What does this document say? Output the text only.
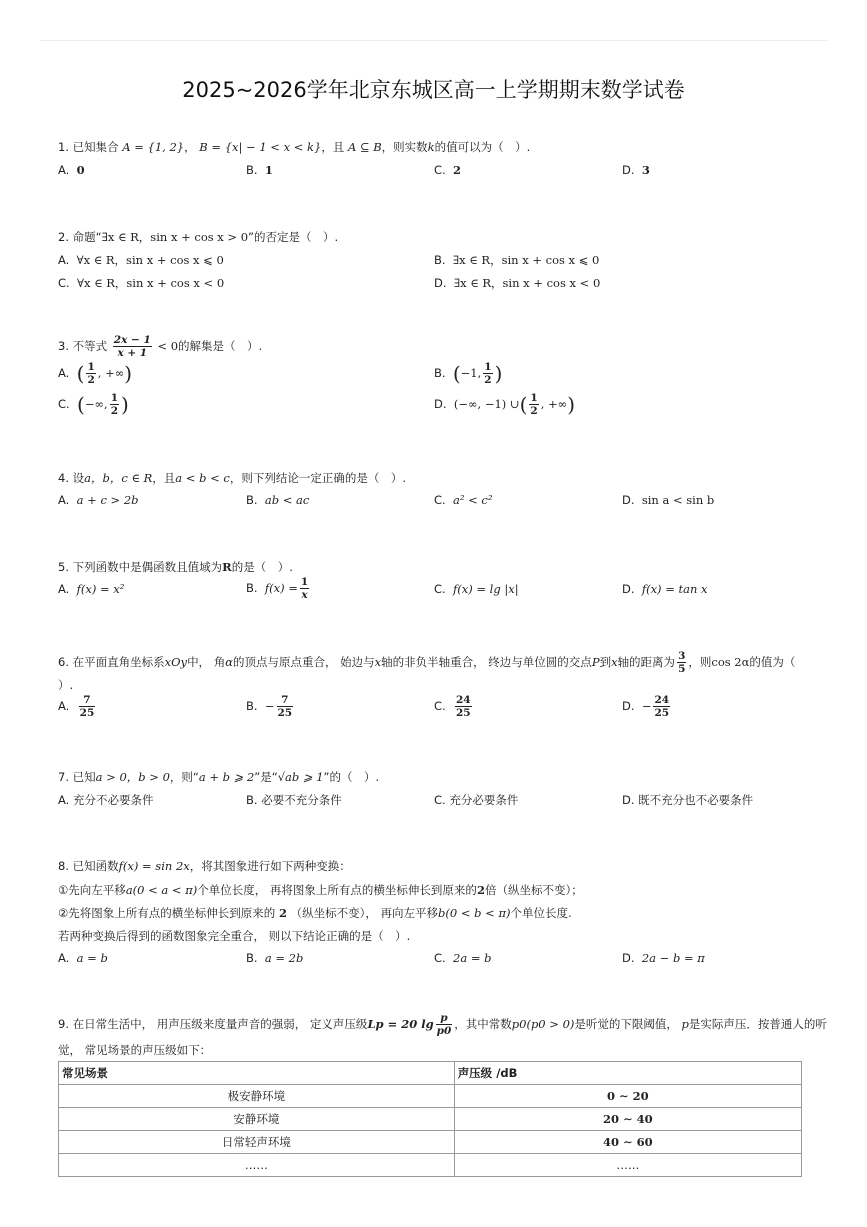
2025~2026学年北京东城区高一上学期期末数学试卷
1. 已知集合 A = {1, 2}， B = {x| − 1 < x < k}，且 A ⊆ B，则实数k的值可以为（　）.
A. 0	B. 1	C. 2	D. 3
2. 命题“∃x ∈ R，sin x + cos x > 0”的否定是（　）.
A. ∀x ∈ R，sin x + cos x ⩽ 0	B. ∃x ∈ R，sin x + cos x ⩽ 0
C. ∀x ∈ R，sin x + cos x < 0	D. ∃x ∈ R，sin x + cos x < 0
3. 不等式 $\frac{2x - 1}{x + 1} < 0$的解集是（　）.
A. ( $\frac{1}{2}$ , +∞)	B. (−1, $\frac{1}{2}$ )
C. (−∞, $\frac{1}{2}$ )	D. (−∞, −1) ∪( $\frac{1}{2}$ , +∞)
4. 设a，b，c ∈ R，且a < b < c，则下列结论一定正确的是（　）.
A. a + c > 2b	B. ab < ac	C. a² < c²	D. sin a < sin b
5. 下列函数中是偶函数且值域为R的是（　）.
A. f(x) = x²	B. $f(x) = \frac{1}{x}$	C. f(x) = lg |x|	D. f(x) = tan x
6. 在平面直角坐标系xOy中， 角α的顶点与原点重合， 始边与x轴的非负半轴重合， 终边与单位圆的交点P到x轴的距离为 $\frac{3}{5}$ ，则cos 2α的值为（
）.
A. $\frac{7}{25}$	B. − $\frac{7}{25}$	C. $\frac{24}{25}$	D. − $\frac{24}{25}$
7. 已知a > 0，b > 0，则“a + b ⩾ 2”是“√ab ⩾ 1”的（　）.
A. 充分不必要条件	B. 必要不充分条件	C. 充分必要条件	D. 既不充分也不必要条件
8. 已知函数f(x) = sin 2x，将其图象进行如下两种变换：
①先向左平移a(0 < a < π)个单位长度， 再将图象上所有点的横坐标伸长到原来的2倍（纵坐标不变）；
②先将图象上所有点的横坐标伸长到原来的 2 （纵坐标不变）， 再向左平移b(0 < b < π)个单位长度.
若两种变换后得到的函数图象完全重合， 则以下结论正确的是（　）.
A. a = b	B. a = 2b	C. 2a = b	D. 2a − b = π
9. 在日常生活中， 用声压级来度量声音的强弱， 定义声压级Lp = 20 $\lg \frac{p}{p0}$ ，其中常数p0(p0 > 0)是听觉的下限阈值， p是实际声压．按普通人的听
觉， 常见场景的声压级如下：
常见场景	声压级 /dB
极安静环境	0 ∼ 20
安静环境	20 ∼ 40
日常轻声环境	40 ∼ 60
……	……
